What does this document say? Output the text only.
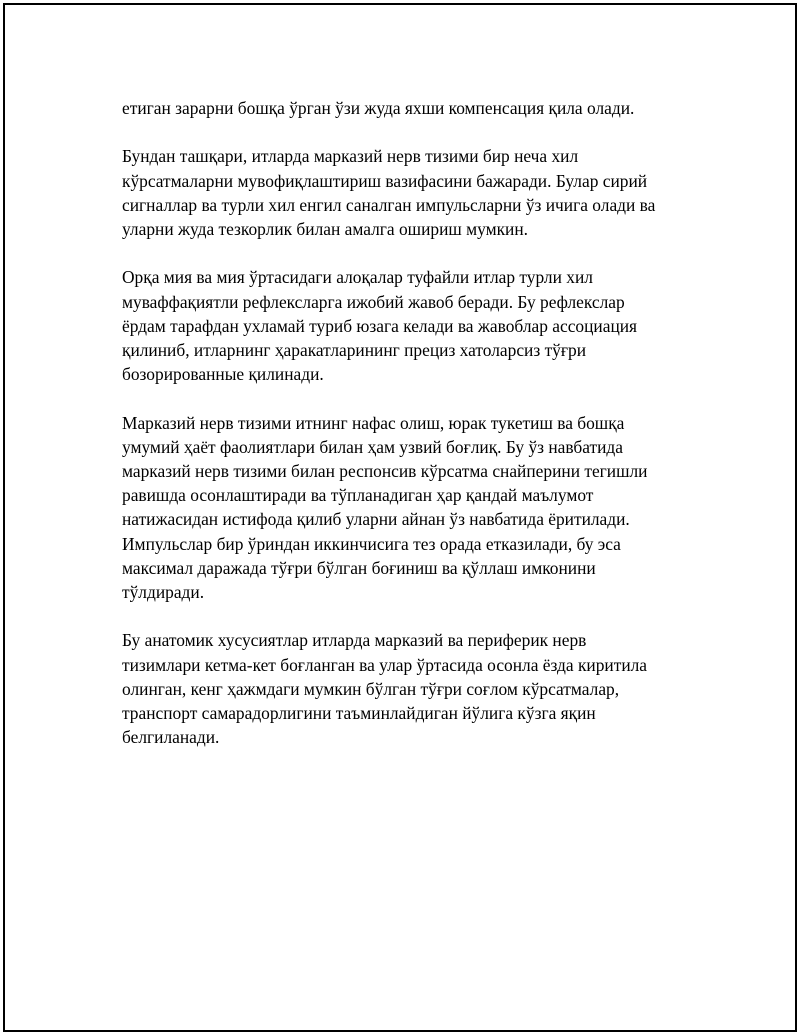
етиган зарарни бошқа ўрган ўзи жуда яхши компенсация қила олади.

Бундан ташқари, итларда марказий нерв тизими бир неча хил
кўрсатмаларни мувофиқлаштириш вазифасини бажаради. Булар сирий
сигналлар ва турли хил енгил саналган импульсларни ўз ичига олади ва
уларни жуда тезкорлик билан амалга ошириш мумкин.

Орқа мия ва мия ўртасидаги алоқалар туфайли итлар турли хил
муваффақиятли рефлексларга ижобий жавоб беради. Бу рефлекслар
ёрдам тарафдан ухламай туриб юзага келади ва жавоблар ассоциация
қилиниб, итларнинг ҳаракатларининг прециз хатоларсиз тўғри
бозорированные қилинади.

Марказий нерв тизими итнинг нафас олиш, юрак тукетиш ва бошқа
умумий ҳаёт фаолиятлари билан ҳам узвий боғлиқ. Бу ўз навбатида
марказий нерв тизими билан респонсив кўрсатма снайперини тегишли
равишда осонлаштиради ва тўпланадиган ҳар қандай маълумот
натижасидан истифода қилиб уларни айнан ўз навбатида ёритилади.
Импульслар бир ўриндан иккинчисига тез орада етказилади, бу эса
максимал даражада тўғри бўлган боғиниш ва қўллаш имконини
тўлдиради.

Бу анатомик хусусиятлар итларда марказий ва периферик нерв
тизимлари кетма-кет боғланган ва улар ўртасида осонла ёзда киритила
олинган, кенг ҳажмдаги мумкин бўлган тўғри соғлом кўрсатмалар,
транспорт самарадорлигини таъминлайдиган йўлига кўзга яқин
белгиланади.
